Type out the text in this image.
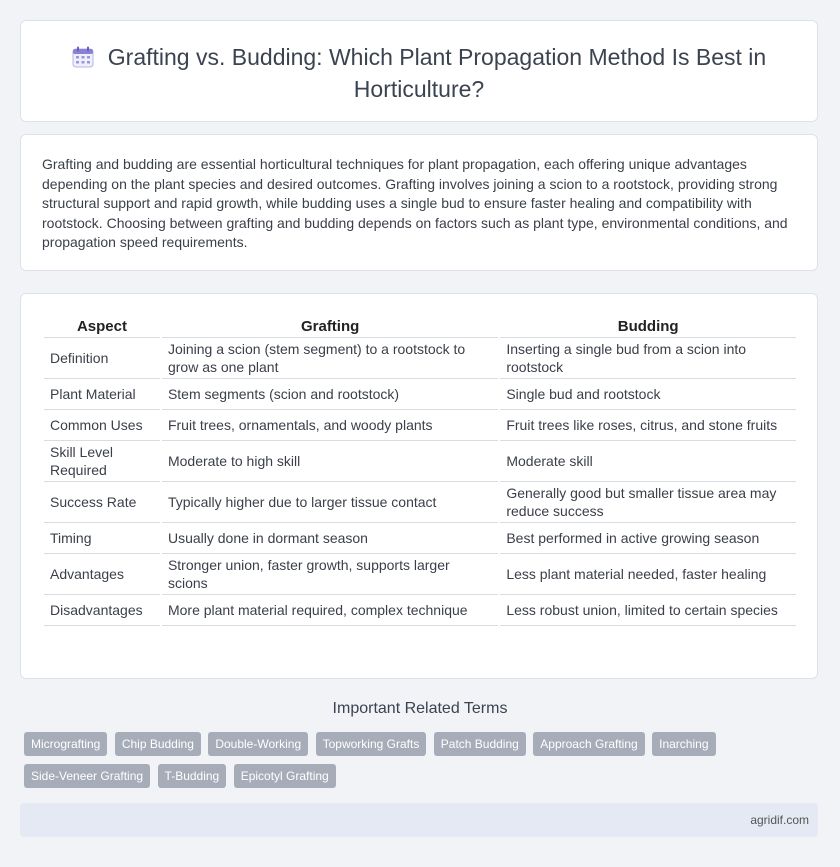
Grafting vs. Budding: Which Plant Propagation Method Is Best in Horticulture?

Grafting and budding are essential horticultural techniques for plant propagation, each offering unique advantages depending on the plant species and desired outcomes. Grafting involves joining a scion to a rootstock, providing strong structural support and rapid growth, while budding uses a single bud to ensure faster healing and compatibility with rootstock. Choosing between grafting and budding depends on factors such as plant type, environmental conditions, and propagation speed requirements.

Aspect	Grafting	Budding
Definition	Joining a scion (stem segment) to a rootstock to grow as one plant	Inserting a single bud from a scion into rootstock
Plant Material	Stem segments (scion and rootstock)	Single bud and rootstock
Common Uses	Fruit trees, ornamentals, and woody plants	Fruit trees like roses, citrus, and stone fruits
Skill Level Required	Moderate to high skill	Moderate skill
Success Rate	Typically higher due to larger tissue contact	Generally good but smaller tissue area may reduce success
Timing	Usually done in dormant season	Best performed in active growing season
Advantages	Stronger union, faster growth, supports larger scions	Less plant material needed, faster healing
Disadvantages	More plant material required, complex technique	Less robust union, limited to certain species
Important Related Terms
Micrografting Chip Budding Double-Working Topworking Grafts Patch Budding Approach Grafting Inarching Side-Veneer Grafting T-Budding Epicotyl Grafting
agridif.com
